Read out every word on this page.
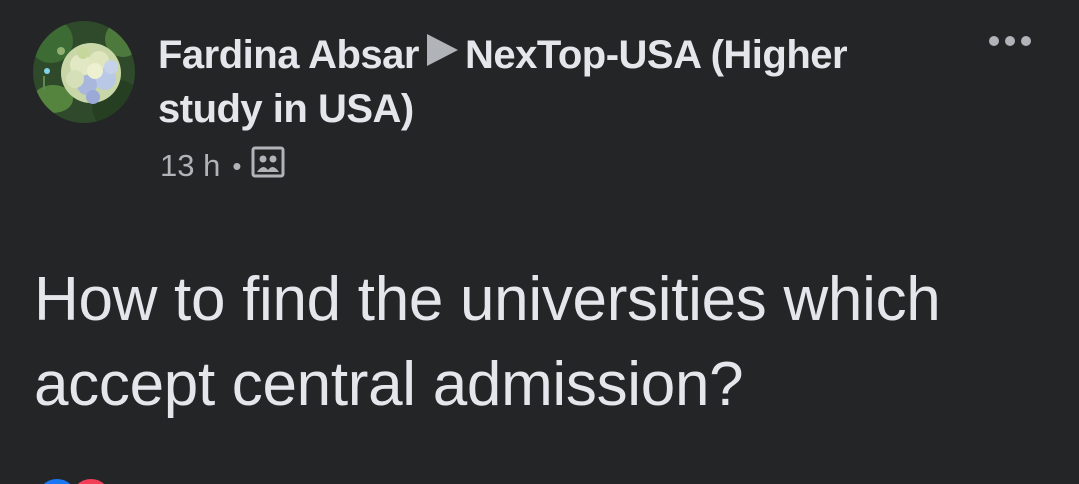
Fardina Absar NexTop-USA (Higher study in USA)
13 h •
How to find the universities which accept central admission?
